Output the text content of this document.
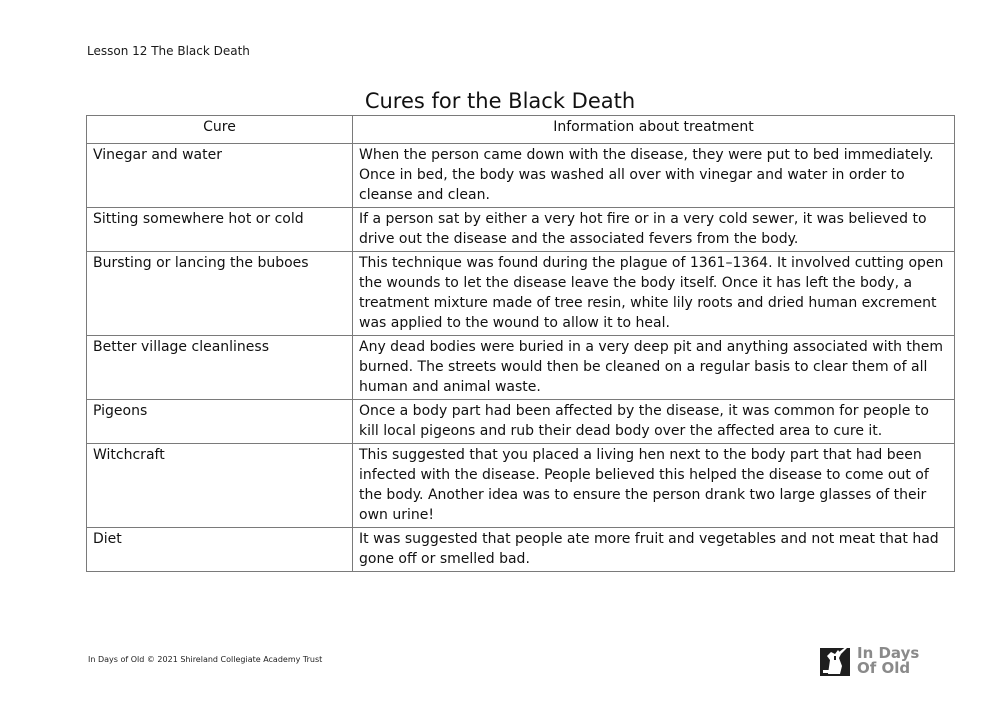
Lesson 12 The Black Death
Cures for the Black Death
Cure	Information about treatment
Vinegar and water	When the person came down with the disease, they were put to bed immediately. Once in bed, the body was washed all over with vinegar and water in order to cleanse and clean.
Sitting somewhere hot or cold	If a person sat by either a very hot fire or in a very cold sewer, it was believed to drive out the disease and the associated fevers from the body.
Bursting or lancing the buboes	This technique was found during the plague of 1361–1364. It involved cutting open the wounds to let the disease leave the body itself. Once it has left the body, a treatment mixture made of tree resin, white lily roots and dried human excrement was applied to the wound to allow it to heal.
Better village cleanliness	Any dead bodies were buried in a very deep pit and anything associated with them burned. The streets would then be cleaned on a regular basis to clear them of all human and animal waste.
Pigeons	Once a body part had been affected by the disease, it was common for people to kill local pigeons and rub their dead body over the affected area to cure it.
Witchcraft	This suggested that you placed a living hen next to the body part that had been infected with the disease. People believed this helped the disease to come out of the body. Another idea was to ensure the person drank two large glasses of their own urine!
Diet	It was suggested that people ate more fruit and vegetables and not meat that had gone off or smelled bad.
In Days of Old © 2021 Shireland Collegiate Academy Trust	In Days
Of Old
